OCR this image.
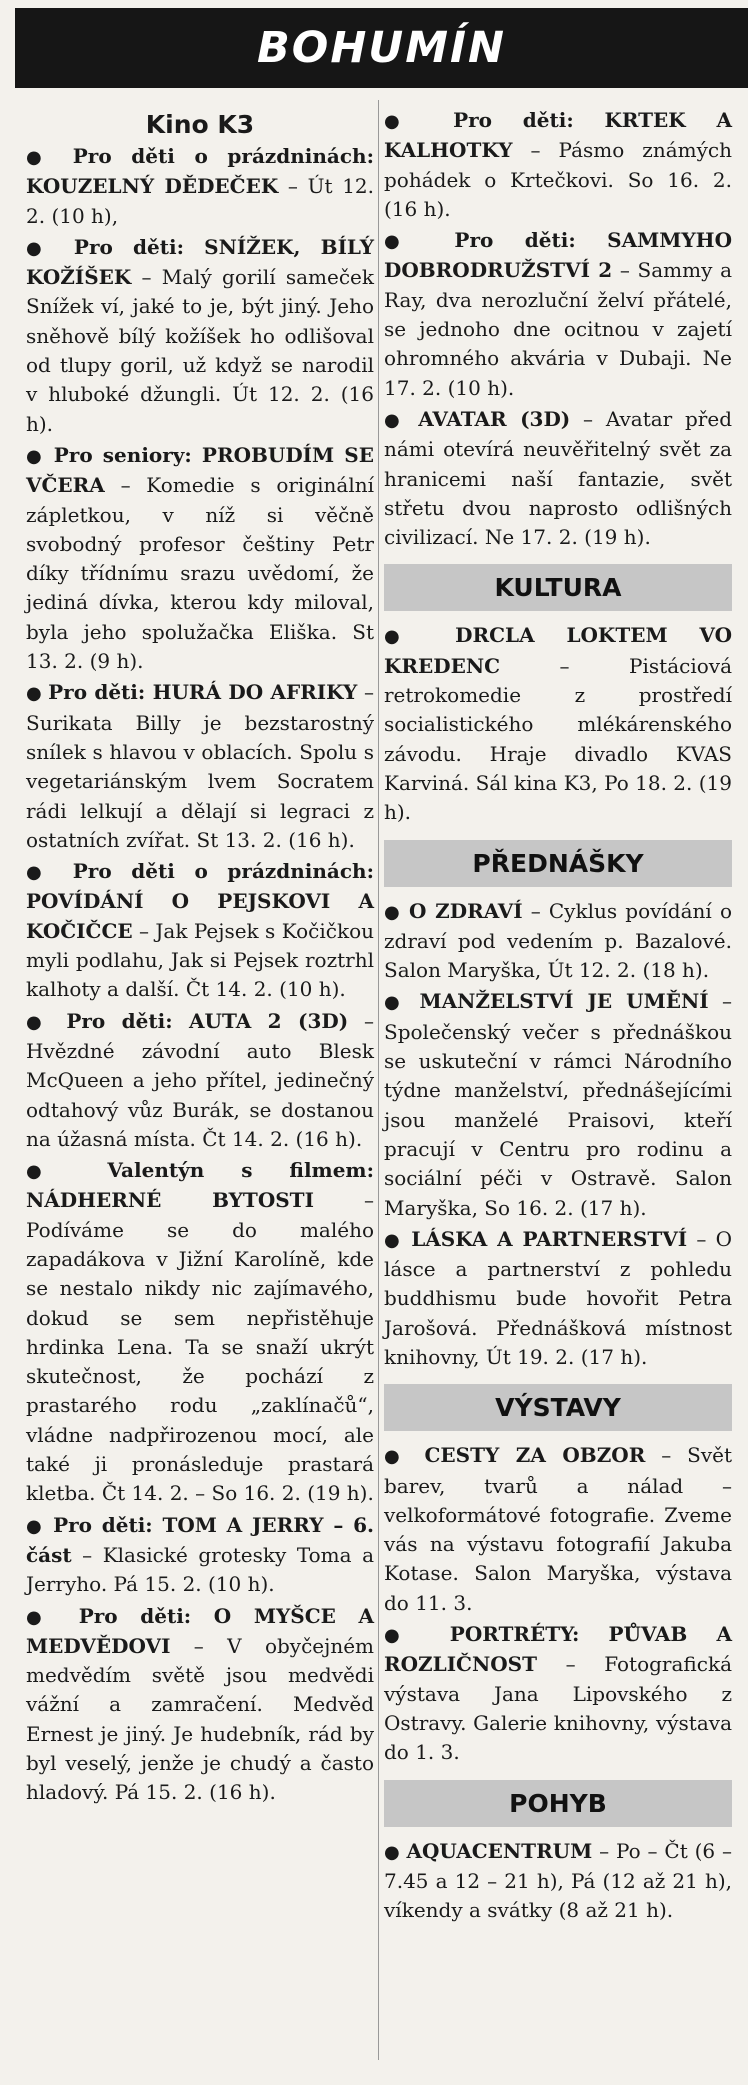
BOHUMÍN
Kino K3

● Pro děti o prázdninách: KOUZELNÝ DĚDEČEK – Út 12. 2. (10 h),

● Pro děti: SNÍŽEK, BÍLÝ KOŽÍŠEK – Malý gorilí sameček Snížek ví, jaké to je, být jiný. Jeho sněhově bílý kožíšek ho odlišoval od tlupy goril, už když se narodil v hluboké džungli. Út 12. 2. (16 h).

● Pro seniory: PROBUDÍM SE VČERA – Komedie s originální zápletkou, v níž si věčně svobodný profesor češtiny Petr díky třídnímu srazu uvědomí, že jediná dívka, kterou kdy miloval, byla jeho spolužačka Eliška. St 13. 2. (9 h).

● Pro děti: HURÁ DO AFRIKY – Surikata Billy je bezstarostný snílek s hlavou v oblacích. Spolu s vegetariánským lvem Socratem rádi lelkují a dělají si legraci z ostatních zvířat. St 13. 2. (16 h).

● Pro děti o prázdninách: POVÍDÁNÍ O PEJSKOVI A KOČIČCE – Jak Pejsek s Kočičkou myli podlahu, Jak si Pejsek roztrhl kalhoty a další. Čt 14. 2. (10 h).

● Pro děti: AUTA 2 (3D) – Hvězdné závodní auto Blesk McQueen a jeho přítel, jedinečný odtahový vůz Burák, se dostanou na úžasná místa. Čt 14. 2. (16 h).

● Valentýn s filmem: NÁDHERNÉ BYTOSTI – Podíváme se do malého zapadákova v Jižní Karolíně, kde se nestalo nikdy nic zajímavého, dokud se sem nepřistěhuje hrdinka Lena. Ta se snaží ukrýt skutečnost, že pochází z prastarého rodu „zaklínačů“, vládne nadpřirozenou mocí, ale také ji pronásleduje prastará kletba. Čt 14. 2. – So 16. 2. (19 h).

● Pro děti: TOM A JERRY – 6. část – Klasické grotesky Toma a Jerryho. Pá 15. 2. (10 h).

● Pro děti: O MYŠCE A MEDVĚDOVI – V obyčejném medvědím světě jsou medvědi vážní a zamračení. Medvěd Ernest je jiný. Je hudebník, rád by byl veselý, jenže je chudý a často hladový. Pá 15. 2. (16 h).

● Pro děti: KRTEK A KALHOTKY – Pásmo známých pohádek o Krtečkovi. So 16. 2. (16 h).

● Pro děti: SAMMYHO DOBRODRUŽSTVÍ 2 – Sammy a Ray, dva nerozluční želví přátelé, se jednoho dne ocitnou v zajetí ohromného akvária v Dubaji. Ne 17. 2. (10 h).

● AVATAR (3D) – Avatar před námi otevírá neuvěřitelný svět za hranicemi naší fantazie, svět střetu dvou naprosto odlišných civilizací. Ne 17. 2. (19 h).

KULTURA

● DRCLA LOKTEM VO KREDENC – Pistáciová retrokomedie z prostředí socialistického mlékárenského závodu. Hraje divadlo KVAS Karviná. Sál kina K3, Po 18. 2. (19 h).

PŘEDNÁŠKY

● O ZDRAVÍ – Cyklus povídání o zdraví pod vedením p. Bazalové. Salon Maryška, Út 12. 2. (18 h).

● MANŽELSTVÍ JE UMĚNÍ – Společenský večer s přednáškou se uskuteční v rámci Národního týdne manželství, přednášejícími jsou manželé Praisovi, kteří pracují v Centru pro rodinu a sociální péči v Ostravě. Salon Maryška, So 16. 2. (17 h).

● LÁSKA A PARTNERSTVÍ – O lásce a partnerství z pohledu buddhismu bude hovořit Petra Jarošová. Přednášková místnost knihovny, Út 19. 2. (17 h).

VÝSTAVY

● CESTY ZA OBZOR – Svět barev, tvarů a nálad – velkoformátové fotografie. Zveme vás na výstavu fotografií Jakuba Kotase. Salon Maryška, výstava do 11. 3.

● PORTRÉTY: PŮVAB A ROZLIČNOST – Fotografická výstava Jana Lipovského z Ostravy. Galerie knihovny, výstava do 1. 3.

POHYB

● AQUACENTRUM – Po – Čt (6 – 7.45 a 12 – 21 h), Pá (12 až 21 h), víkendy a svátky (8 až 21 h).
